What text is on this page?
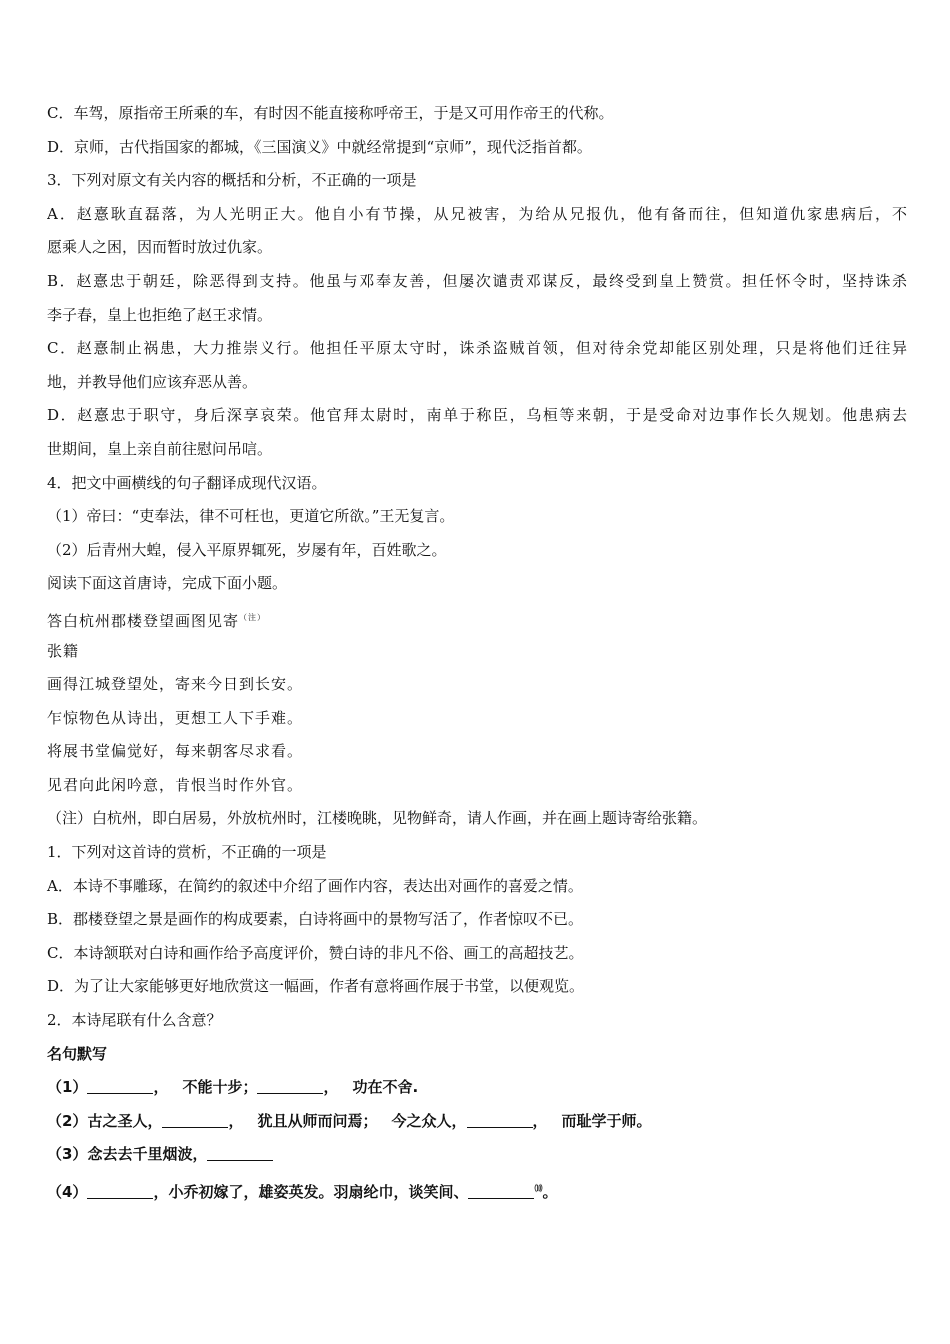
C．车驾，原指帝王所乘的车，有时因不能直接称呼帝王，于是又可用作帝王的代称。
D．京师，古代指国家的都城，《三国演义》中就经常提到“京师”，现代泛指首都。
3．下列对原文有关内容的概括和分析，不正确的一项是
A．赵憙耿直磊落，为人光明正大。他自小有节操，从兄被害，为给从兄报仇，他有备而往，但知道仇家患病后，不
愿乘人之困，因而暂时放过仇家。
B．赵憙忠于朝廷，除恶得到支持。他虽与邓奉友善，但屡次谴责邓谋反，最终受到皇上赞赏。担任怀令时，坚持诛杀
李子春，皇上也拒绝了赵王求情。
C．赵憙制止祸患，大力推崇义行。他担任平原太守时，诛杀盗贼首领，但对待余党却能区别处理，只是将他们迁往异
地，并教导他们应该弃恶从善。
D．赵憙忠于职守，身后深享哀荣。他官拜太尉时，南单于称臣，乌桓等来朝，于是受命对边事作长久规划。他患病去
世期间，皇上亲自前往慰问吊唁。
4．把文中画横线的句子翻译成现代汉语。
（1）帝曰：“吏奉法，律不可枉也，更道它所欲。”王无复言。
（2）后青州大蝗，侵入平原界辄死，岁屡有年，百姓歌之。
阅读下面这首唐诗，完成下面小题。
答白杭州郡楼登望画图见寄$^{(注)}$
张籍
画得江城登望处，寄来今日到长安。
乍惊物色从诗出，更想工人下手难。
将展书堂偏觉好，每来朝客尽求看。
见君向此闲吟意，肯恨当时作外官。
（注）白杭州，即白居易，外放杭州时，江楼晚眺，见物鲜奇，请人作画，并在画上题诗寄给张籍。
1．下列对这首诗的赏析，不正确的一项是
A．本诗不事雕琢，在简约的叙述中介绍了画作内容，表达出对画作的喜爱之情。
B．郡楼登望之景是画作的构成要素，白诗将画中的景物写活了，作者惊叹不已。
C．本诗颔联对白诗和画作给予高度评价，赞白诗的非凡不俗、画工的高超技艺。
D．为了让大家能够更好地欣赏这一幅画，作者有意将画作展于书堂，以便观览。
2．本诗尾联有什么含意？
名句默写
（1）	， 不能十步；	， 功在不舍.
（2）古之圣人，	， 犹且从师而问焉； 今之众人，	， 而耻学于师。
（3）念去去千里烟波，
（4）	，小乔初嫁了，雄姿英发。羽扇纶巾，谈笑间、	⑽。
